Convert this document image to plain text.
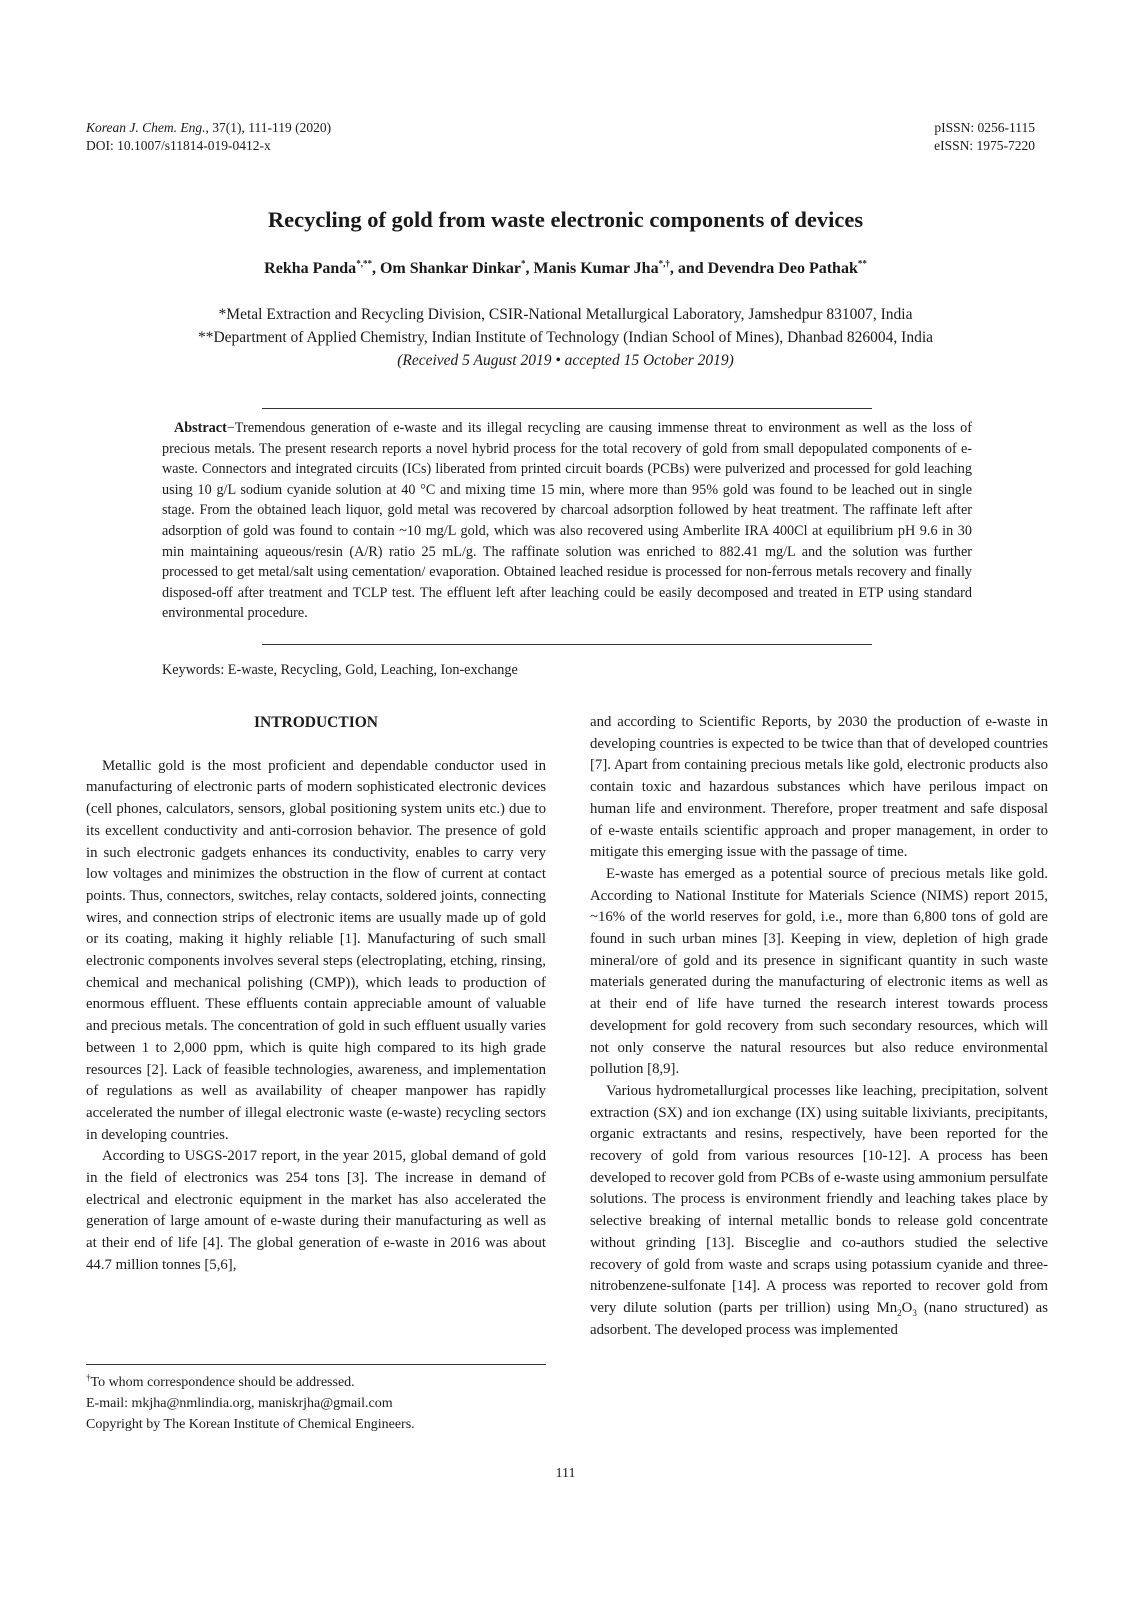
Korean J. Chem. Eng., 37(1), 111-119 (2020)
DOI: 10.1007/s11814-019-0412-x
pISSN: 0256-1115
eISSN: 1975-7220
Recycling of gold from waste electronic components of devices
Rekha Panda*,**, Om Shankar Dinkar*, Manis Kumar Jha*,†, and Devendra Deo Pathak**
*Metal Extraction and Recycling Division, CSIR-National Metallurgical Laboratory, Jamshedpur 831007, India
**Department of Applied Chemistry, Indian Institute of Technology (Indian School of Mines), Dhanbad 826004, India
(Received 5 August 2019 • accepted 15 October 2019)
Abstract−Tremendous generation of e-waste and its illegal recycling are causing immense threat to environment as well as the loss of precious metals. The present research reports a novel hybrid process for the total recovery of gold from small depopulated components of e-waste. Connectors and integrated circuits (ICs) liberated from printed circuit boards (PCBs) were pulverized and processed for gold leaching using 10 g/L sodium cyanide solution at 40 °C and mixing time 15 min, where more than 95% gold was found to be leached out in single stage. From the obtained leach liquor, gold metal was recovered by charcoal adsorption followed by heat treatment. The raffinate left after adsorption of gold was found to contain ~10 mg/L gold, which was also recovered using Amberlite IRA 400Cl at equilibrium pH 9.6 in 30 min maintaining aqueous/resin (A/R) ratio 25 mL/g. The raffinate solution was enriched to 882.41 mg/L and the solution was further processed to get metal/salt using cementation/ evaporation. Obtained leached residue is processed for non-ferrous metals recovery and finally disposed-off after treatment and TCLP test. The effluent left after leaching could be easily decomposed and treated in ETP using standard environmental procedure.
Keywords: E-waste, Recycling, Gold, Leaching, Ion-exchange
INTRODUCTION

Metallic gold is the most proficient and dependable conductor used in manufacturing of electronic parts of modern sophisticated electronic devices (cell phones, calculators, sensors, global positioning system units etc.) due to its excellent conductivity and anti-corrosion behavior. The presence of gold in such electronic gadgets enhances its conductivity, enables to carry very low voltages and minimizes the obstruction in the flow of current at contact points. Thus, connectors, switches, relay contacts, soldered joints, connecting wires, and connection strips of electronic items are usually made up of gold or its coating, making it highly reliable [1]. Manufacturing of such small electronic components involves several steps (electroplating, etching, rinsing, chemical and mechanical polishing (CMP)), which leads to production of enormous effluent. These effluents contain appreciable amount of valuable and precious metals. The concentration of gold in such effluent usually varies between 1 to 2,000 ppm, which is quite high compared to its high grade resources [2]. Lack of feasible technologies, awareness, and implementation of regulations as well as availability of cheaper manpower has rapidly accelerated the number of illegal electronic waste (e-waste) recycling sectors in developing countries.

According to USGS-2017 report, in the year 2015, global demand of gold in the field of electronics was 254 tons [3]. The increase in demand of electrical and electronic equipment in the market has also accelerated the generation of large amount of e-waste during their manufacturing as well as at their end of life [4]. The global generation of e-waste in 2016 was about 44.7 million tonnes [5,6],

and according to Scientific Reports, by 2030 the production of e-waste in developing countries is expected to be twice than that of developed countries [7]. Apart from containing precious metals like gold, electronic products also contain toxic and hazardous substances which have perilous impact on human life and environment. Therefore, proper treatment and safe disposal of e-waste entails scientific approach and proper management, in order to mitigate this emerging issue with the passage of time.

E-waste has emerged as a potential source of precious metals like gold. According to National Institute for Materials Science (NIMS) report 2015, ~16% of the world reserves for gold, i.e., more than 6,800 tons of gold are found in such urban mines [3]. Keeping in view, depletion of high grade mineral/ore of gold and its presence in significant quantity in such waste materials generated during the manufacturing of electronic items as well as at their end of life have turned the research interest towards process development for gold recovery from such secondary resources, which will not only conserve the natural resources but also reduce environmental pollution [8,9].

Various hydrometallurgical processes like leaching, precipitation, solvent extraction (SX) and ion exchange (IX) using suitable lixiviants, precipitants, organic extractants and resins, respectively, have been reported for the recovery of gold from various resources [10-12]. A process has been developed to recover gold from PCBs of e-waste using ammonium persulfate solutions. The process is environment friendly and leaching takes place by selective breaking of internal metallic bonds to release gold concentrate without grinding [13]. Bisceglie and co-authors studied the selective recovery of gold from waste and scraps using potassium cyanide and three-nitrobenzene-sulfonate [14]. A process was reported to recover gold from very dilute solution (parts per trillion) using $Mn_2O_3$ (nano structured) as adsorbent. The developed process was implemented

†To whom correspondence should be addressed.
E-mail: mkjha@nmlindia.org, maniskrjha@gmail.com
Copyright by The Korean Institute of Chemical Engineers.
111
